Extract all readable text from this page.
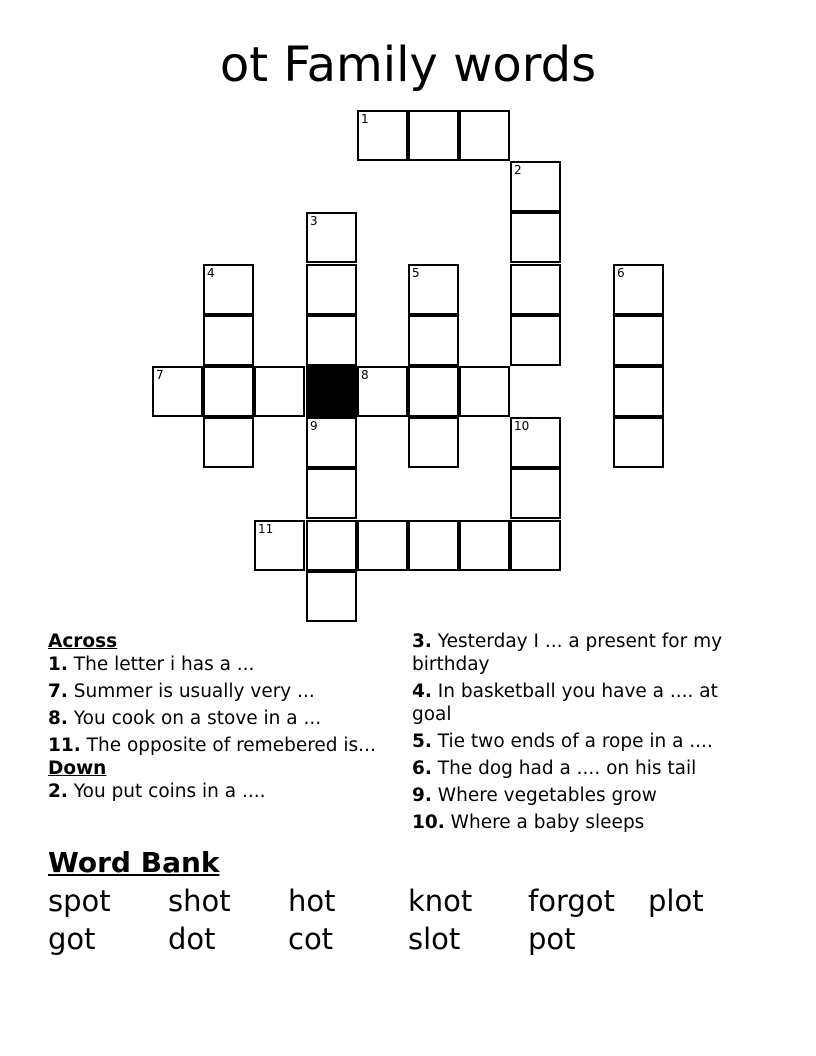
ot Family words
1
2
3
4	5	6
7	8
9	10
11
Across
1. The letter i has a ...
7. Summer is usually very ...
8. You cook on a stove in a ...
11. The opposite of remebered is...
Down
2. You put coins in a ....
3. Yesterday I ... a present for my birthday
4. In basketball you have a .... at goal
5. Tie two ends of a rope in a ....
6. The dog had a .... on his tail
9. Where vegetables grow
10. Where a baby sleeps
Word Bank
spot shot hot	knot forgot plot
got dot cot	slot pot
